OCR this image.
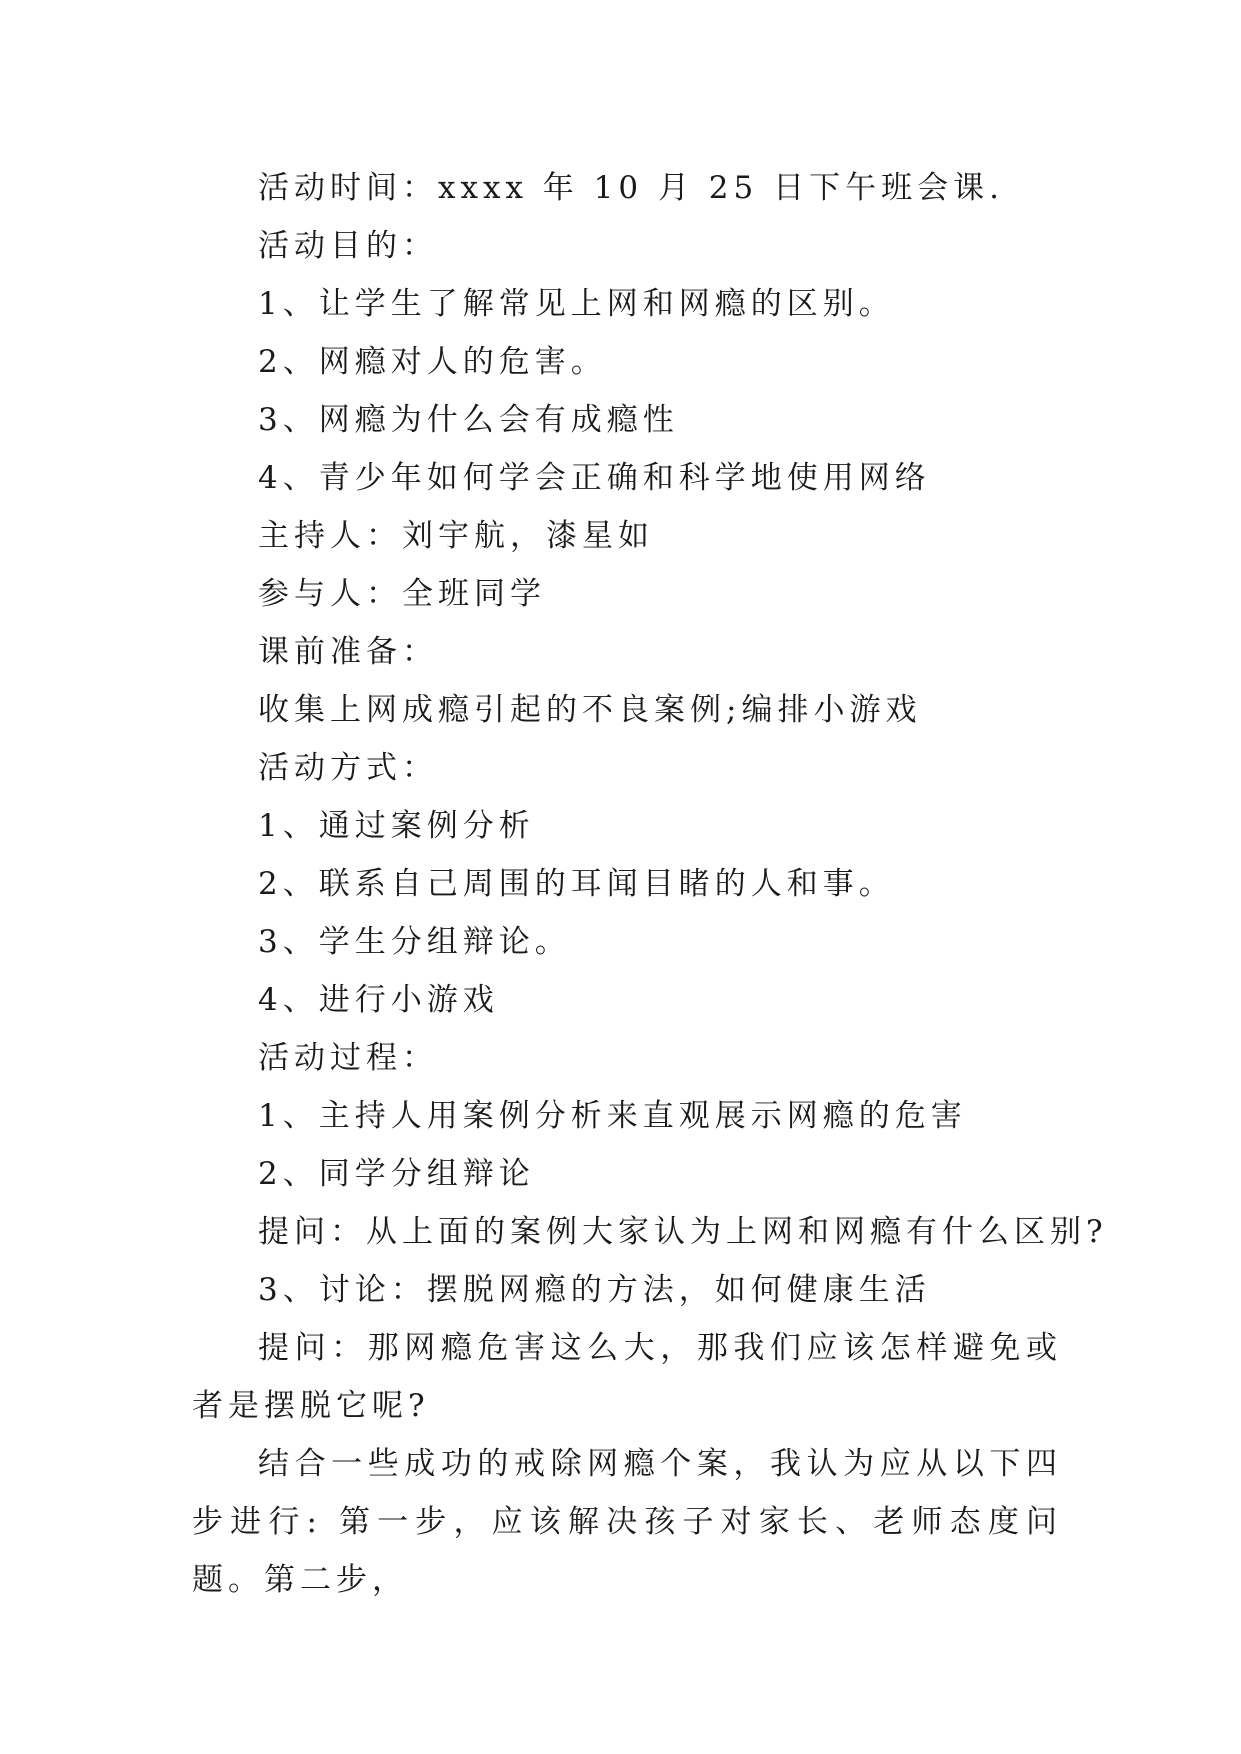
活动时间：xxxx 年 10 月 25 日下午班会课.
活动目的：
1、让学生了解常见上网和网瘾的区别。
2、网瘾对人的危害。
3、网瘾为什么会有成瘾性
4、青少年如何学会正确和科学地使用网络
主持人：刘宇航，漆星如
参与人：全班同学
课前准备：
收集上网成瘾引起的不良案例;编排小游戏
活动方式：
1、通过案例分析
2、联系自己周围的耳闻目睹的人和事。
3、学生分组辩论。
4、进行小游戏
活动过程：
1、主持人用案例分析来直观展示网瘾的危害
2、同学分组辩论
提问：从上面的案例大家认为上网和网瘾有什么区别?
3、讨论：摆脱网瘾的方法，如何健康生活
提问：那网瘾危害这么大，那我们应该怎样避免或者是摆脱它呢?
结合一些成功的戒除网瘾个案，我认为应从以下四步进行: 第一步，应该解决孩子对家长、老师态度问题。第二步，
